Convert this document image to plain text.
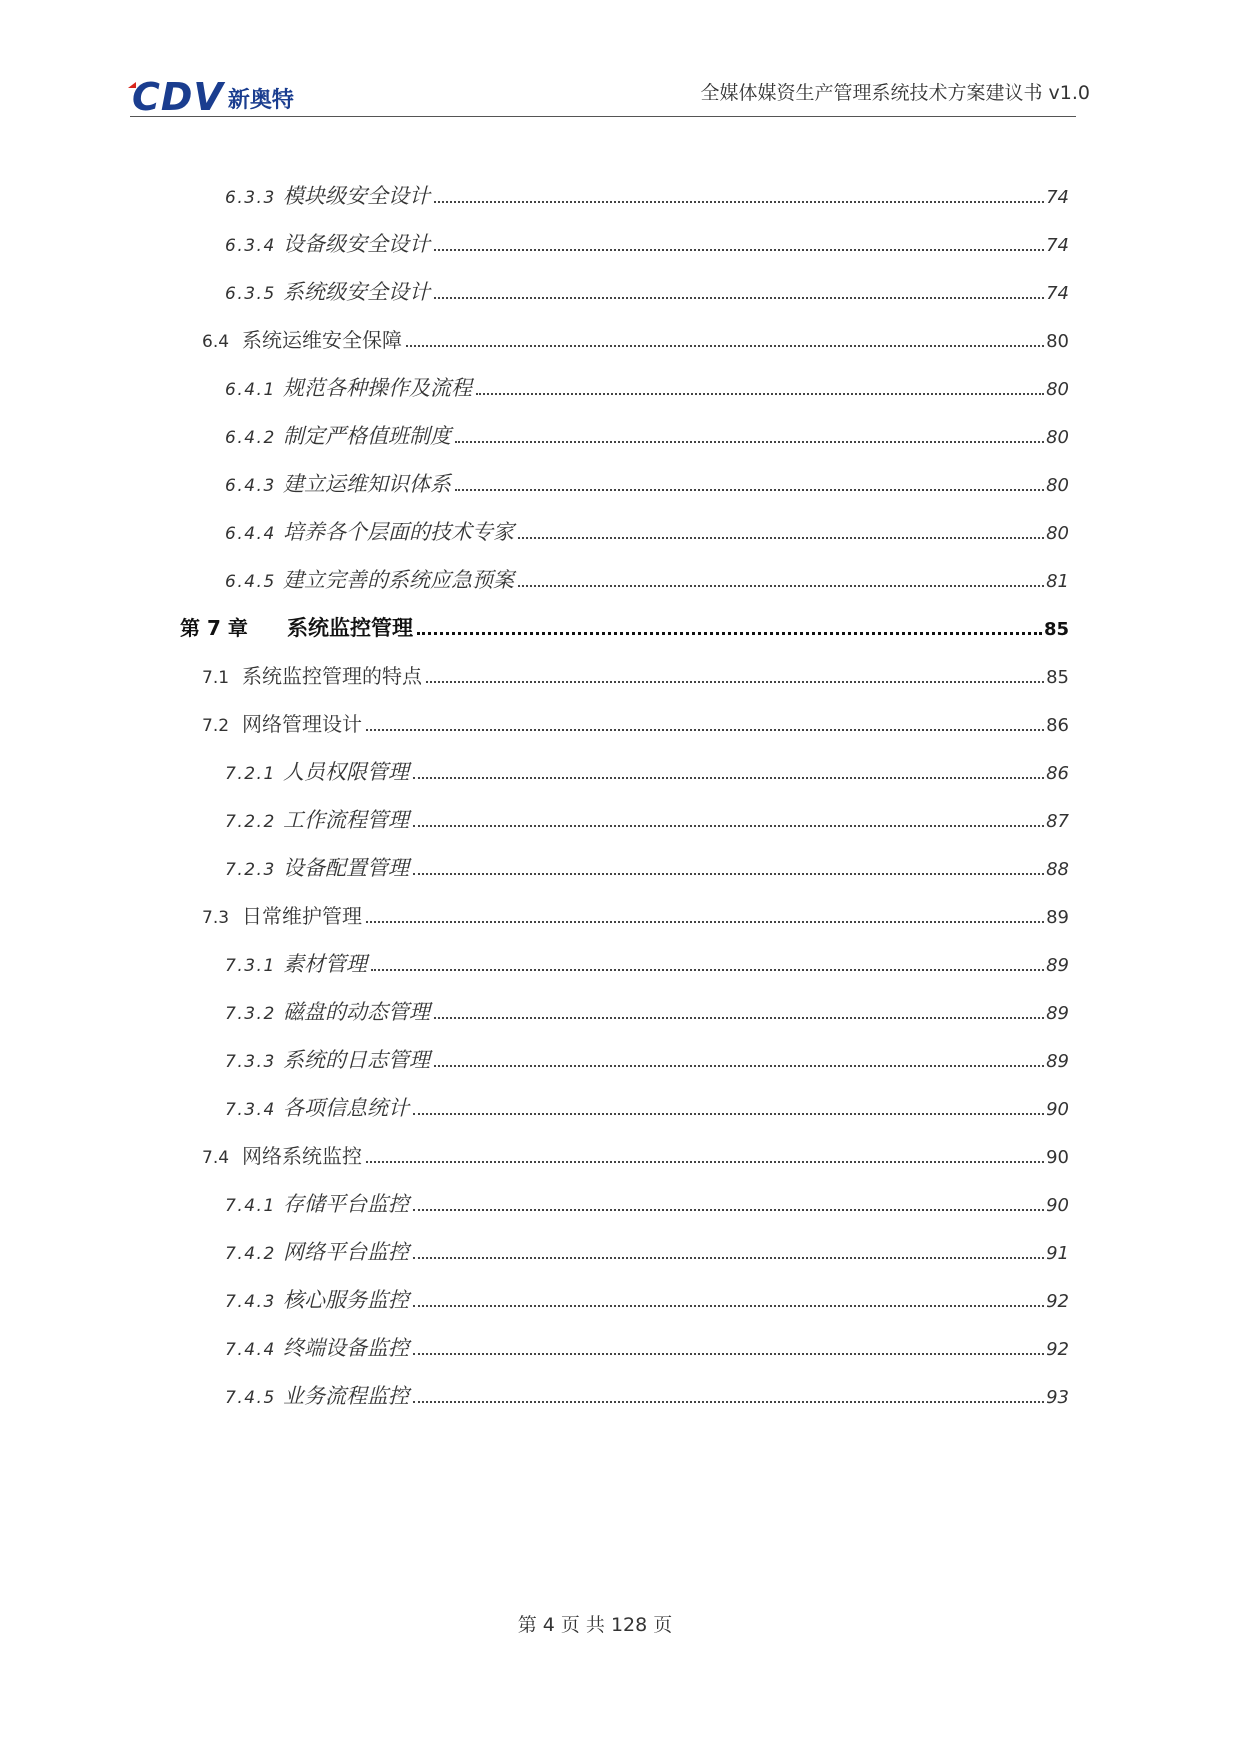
CDV 新奥特	全媒体媒资生产管理系统技术方案建议书 v1.0
6.3.3 模块级安全设计	74
6.3.4 设备级安全设计	74
6.3.5 系统级安全设计	74
6.4 系统运维安全保障	80
6.4.1 规范各种操作及流程	80
6.4.2 制定严格值班制度	80
6.4.3 建立运维知识体系	80
6.4.4 培养各个层面的技术专家	80
6.4.5 建立完善的系统应急预案	81
第 7 章	系统监控管理	85
7.1 系统监控管理的特点	85
7.2 网络管理设计	86
7.2.1 人员权限管理	86
7.2.2 工作流程管理	87
7.2.3 设备配置管理	88
7.3 日常维护管理	89
7.3.1 素材管理	89
7.3.2 磁盘的动态管理	89
7.3.3 系统的日志管理	89
7.3.4 各项信息统计	90
7.4 网络系统监控	90
7.4.1 存储平台监控	90
7.4.2 网络平台监控	91
7.4.3 核心服务监控	92
7.4.4 终端设备监控	92
7.4.5 业务流程监控	93
第 4 页 共 128 页
